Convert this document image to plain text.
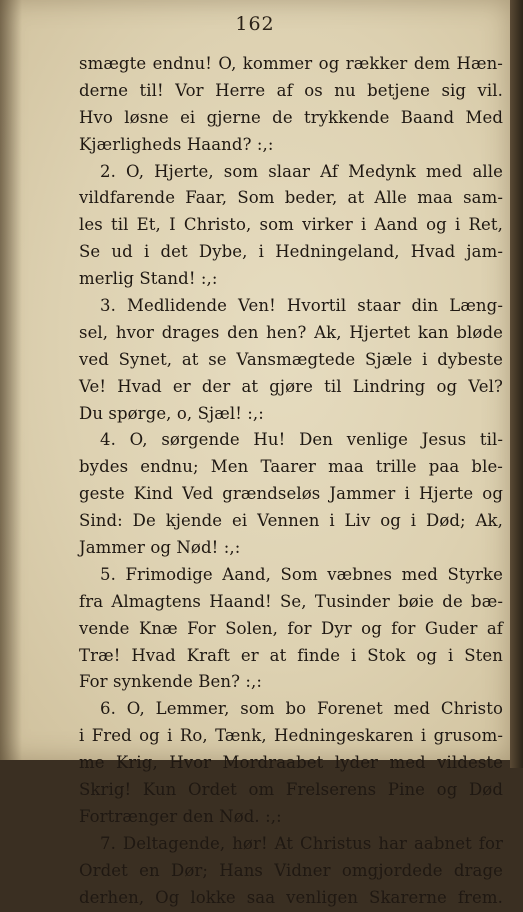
162
smægte endnu! O, kommer og rækker dem Hæn-
derne til! Vor Herre af os nu betjene sig vil.
Hvo løsne ei gjerne de trykkende Baand Med
Kjærligheds Haand? :,:
2. O, Hjerte, som slaar Af Medynk med alle
vildfarende Faar, Som beder, at Alle maa sam-
les til Et, I Christo, som virker i Aand og i Ret,
Se ud i det Dybe, i Hedningeland, Hvad jam-
merlig Stand! :,:
3. Medlidende Ven! Hvortil staar din Læng-
sel, hvor drages den hen? Ak, Hjertet kan bløde
ved Synet, at se Vansmægtede Sjæle i dybeste
Ve! Hvad er der at gjøre til Lindring og Vel?
Du spørge, o, Sjæl! :,:
4. O, sørgende Hu! Den venlige Jesus til-
bydes endnu; Men Taarer maa trille paa ble-
geste Kind Ved grændseløs Jammer i Hjerte og
Sind: De kjende ei Vennen i Liv og i Død; Ak,
Jammer og Nød! :,:
5. Frimodige Aand, Som væbnes med Styrke
fra Almagtens Haand! Se, Tusinder bøie de bæ-
vende Knæ For Solen, for Dyr og for Guder af
Træ! Hvad Kraft er at finde i Stok og i Sten
For synkende Ben? :,:
6. O, Lemmer, som bo Forenet med Christo
i Fred og i Ro, Tænk, Hedningeskaren i grusom-
me Krig, Hvor Mordraabet lyder med vildeste
Skrig! Kun Ordet om Frelserens Pine og Død
Fortrænger den Nød. :,:
7. Deltagende, hør! At Christus har aabnet for
Ordet en Dør; Hans Vidner omgjordede drage
derhen, Og lokke saa venligen Skarerne frem.
